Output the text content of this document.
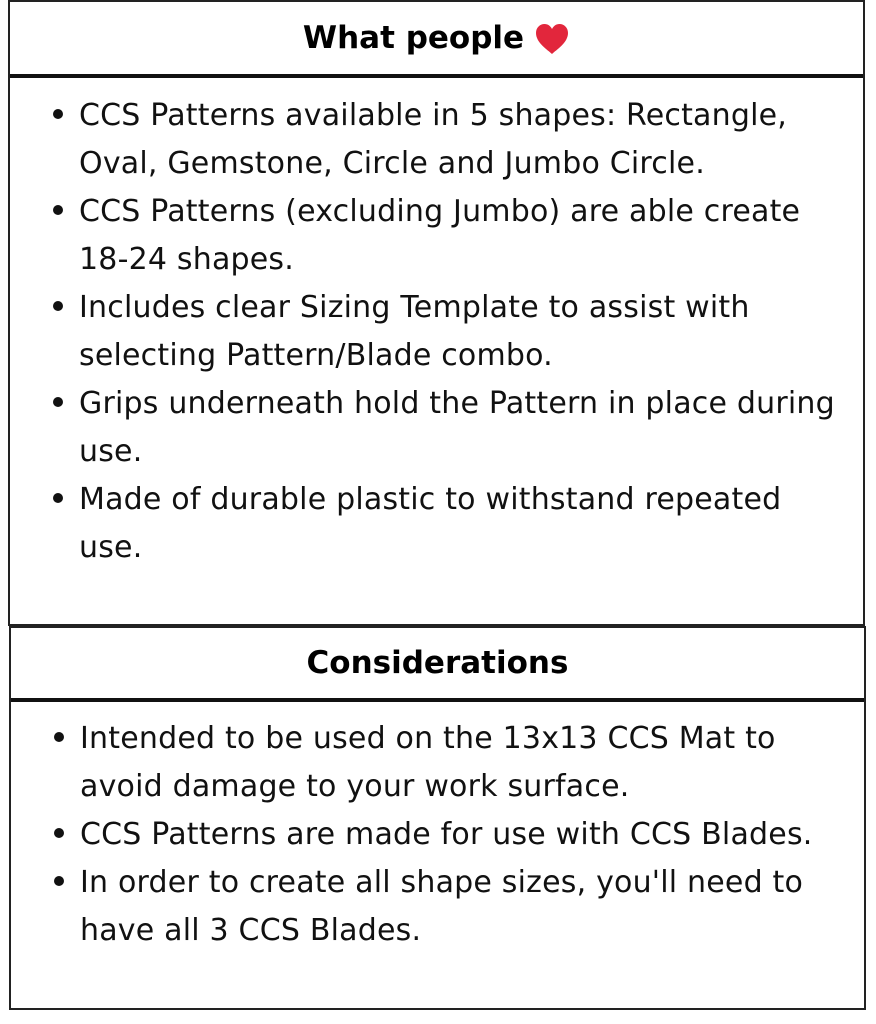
What people
CCS Patterns available in 5 shapes: Rectangle, Oval, Gemstone, Circle and Jumbo Circle.
CCS Patterns (excluding Jumbo) are able create 18-24 shapes.
Includes clear Sizing Template to assist with selecting Pattern/Blade combo.
Grips underneath hold the Pattern in place during use.
Made of durable plastic to withstand repeated use.
Considerations
Intended to be used on the 13x13 CCS Mat to avoid damage to your work surface.
CCS Patterns are made for use with CCS Blades.
In order to create all shape sizes, you'll need to have all 3 CCS Blades.
